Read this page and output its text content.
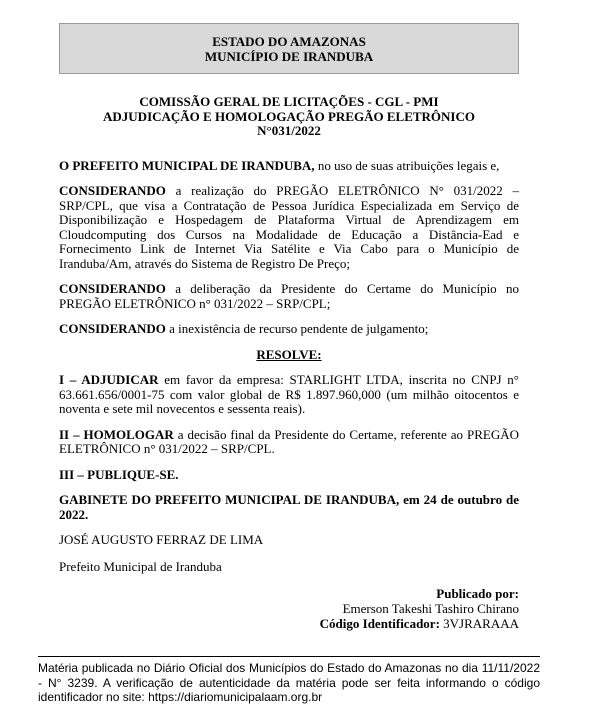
ESTADO DO AMAZONAS
MUNICÍPIO DE IRANDUBA
COMISSÃO GERAL DE LICITAÇÕES - CGL - PMI
ADJUDICAÇÃO E HOMOLOGAÇÃO PREGÃO ELETRÔNICO
N°031/2022

O PREFEITO MUNICIPAL DE IRANDUBA, no uso de suas atribuições legais e,

CONSIDERANDO a realização do PREGÃO ELETRÔNICO N° 031/2022 – SRP/CPL, que visa a Contratação de Pessoa Jurídica Especializada em Serviço de Disponibilização e Hospedagem de Plataforma Virtual de Aprendizagem em Cloudcomputing dos Cursos na Modalidade de Educação a Distância-Ead e Fornecimento Link de Internet Via Satélite e Via Cabo para o Município de Iranduba/Am, através do Sistema de Registro De Preço;

CONSIDERANDO a deliberação da Presidente do Certame do Município no PREGÃO ELETRÔNICO n° 031/2022 – SRP/CPL;

CONSIDERANDO a inexistência de recurso pendente de julgamento;

RESOLVE:

I – ADJUDICAR em favor da empresa: STARLIGHT LTDA, inscrita no CNPJ n° 63.661.656/0001-75 com valor global de R$ 1.897.960,000 (um milhão oitocentos e noventa e sete mil novecentos e sessenta reais).

II – HOMOLOGAR a decisão final da Presidente do Certame, referente ao PREGÃO ELETRÔNICO n° 031/2022 – SRP/CPL.

III – PUBLIQUE-SE.

GABINETE DO PREFEITO MUNICIPAL DE IRANDUBA, em 24 de outubro de 2022.

JOSÉ AUGUSTO FERRAZ DE LIMA

Prefeito Municipal de Iranduba

Publicado por:
Emerson Takeshi Tashiro Chirano
Código Identificador: 3VJRARAAA
Matéria publicada no Diário Oficial dos Municípios do Estado do Amazonas no dia 11/11/2022 - N° 3239. A verificação de autenticidade da matéria pode ser feita informando o código identificador no site: https://diariomunicipalaam.org.br
